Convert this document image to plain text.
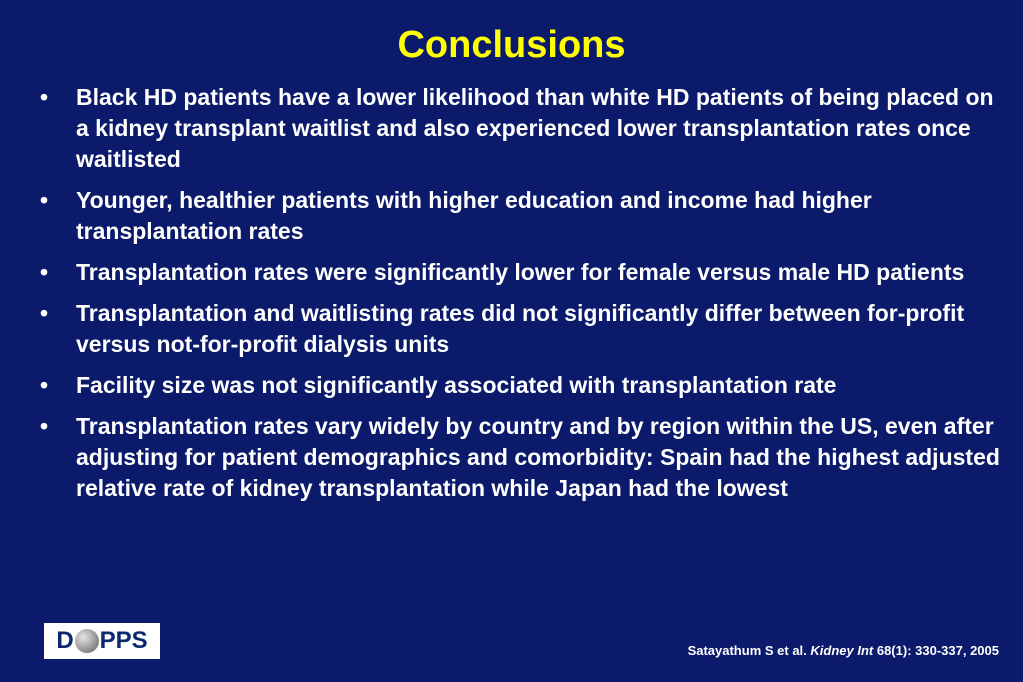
Conclusions
•	Black HD patients have a lower likelihood than white HD patients of being placed on a kidney transplant waitlist and also experienced lower transplantation rates once waitlisted
•	Younger, healthier patients with higher education and income had higher transplantation rates
•	Transplantation rates were significantly lower for female versus male HD patients
•	Transplantation and waitlisting rates did not significantly differ between for-profit versus not-for-profit dialysis units
•	Facility size was not significantly associated with transplantation rate
•	Transplantation rates vary widely by country and by region within the US, even after adjusting for patient demographics and comorbidity: Spain had the highest adjusted relative rate of kidney transplantation while Japan had the lowest
D PPS	Satayathum S et al. Kidney Int 68(1): 330-337, 2005
